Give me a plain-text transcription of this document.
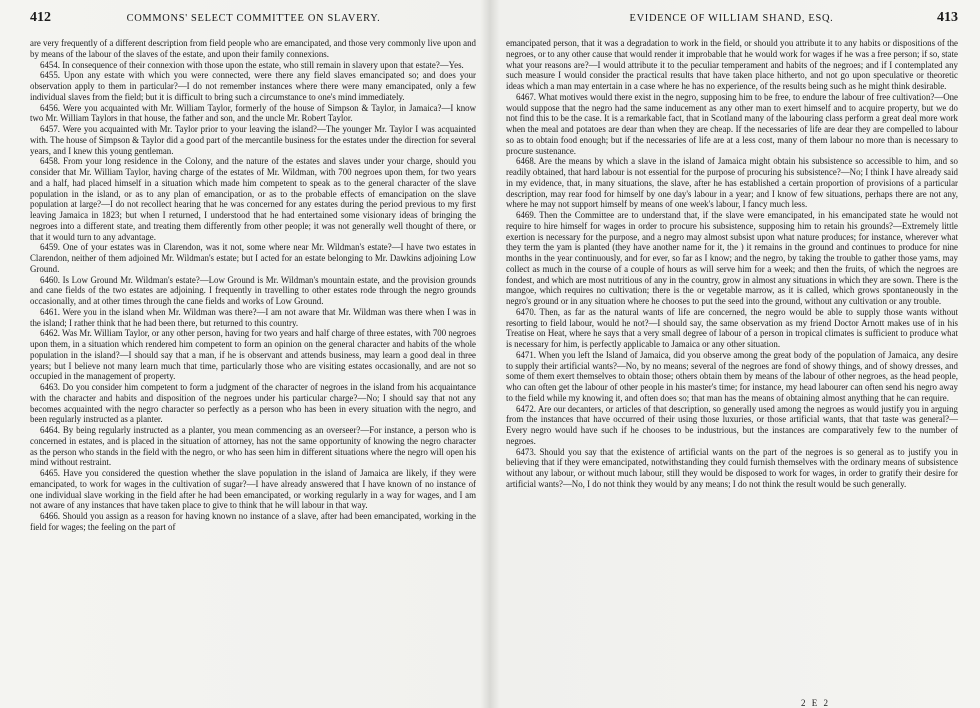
412	COMMONS' SELECT COMMITTEE ON SLAVERY.

are very frequently of a different description from field people who are emancipated, and those very commonly live upon and by means of the labour of the slaves of the estate, and upon their family connexions.

6454. In consequence of their connexion with those upon the estate, who still remain in slavery upon that estate?—Yes.

6455. Upon any estate with which you were connected, were there any field slaves emancipated so; and does your observation apply to them in particular?—I do not remember instances where there were many emancipated, only a few individual slaves from the field; but it is difficult to bring such a circumstance to one's mind immediately.

6456. Were you acquainted with Mr. William Taylor, formerly of the house of Simpson & Taylor, in Jamaica?—I know two Mr. William Taylors in that house, the father and son, and the uncle Mr. Robert Taylor.

6457. Were you acquainted with Mr. Taylor prior to your leaving the island?—The younger Mr. Taylor I was acquainted with. The house of Simpson & Taylor did a good part of the mercantile business for the estates under the direction for several years, and I knew this young gentleman.

6458. From your long residence in the Colony, and the nature of the estates and slaves under your charge, should you consider that Mr. William Taylor, having charge of the estates of Mr. Wildman, with 700 negroes upon them, for two years and a half, had placed himself in a situation which made him competent to speak as to the general character of the slave population in the island, or as to any plan of emancipation, or as to the probable effects of emancipation on the slave population at large?—I do not recollect hearing that he was concerned for any estates during the period previous to my first leaving Jamaica in 1823; but when I returned, I understood that he had entertained some visionary ideas of bringing the negroes into a different state, and treating them differently from other people; it was not generally well thought of there, or that it would turn to any advantage.

6459. One of your estates was in Clarendon, was it not, some where near Mr. Wildman's estate?—I have two estates in Clarendon, neither of them adjoined Mr. Wildman's estate; but I acted for an estate belonging to Mr. Dawkins adjoining Low Ground.

6460. Is Low Ground Mr. Wildman's estate?—Low Ground is Mr. Wildman's mountain estate, and the provision grounds and cane fields of the two estates are adjoining. I frequently in travelling to other estates rode through the negro grounds occasionally, and at other times through the cane fields and works of Low Ground.

6461. Were you in the island when Mr. Wildman was there?—I am not aware that Mr. Wildman was there when I was in the island; I rather think that he had been there, but returned to this country.

6462. Was Mr. William Taylor, or any other person, having for two years and half charge of three estates, with 700 negroes upon them, in a situation which rendered him competent to form an opinion on the general character and habits of the whole population in the island?—I should say that a man, if he is observant and attends business, may learn a good deal in three years; but I believe not many learn much that time, particularly those who are visiting estates occasionally, and are not so occupied in the management of property.

6463. Do you consider him competent to form a judgment of the character of negroes in the island from his acquaintance with the character and habits and disposition of the negroes under his particular charge?—No; I should say that not any becomes acquainted with the negro character so perfectly as a person who has been in every situation with the negro, and been regularly instructed as a planter.

6464. By being regularly instructed as a planter, you mean commencing as an overseer?—For instance, a person who is concerned in estates, and is placed in the situation of attorney, has not the same opportunity of knowing the negro character as the person who stands in the field with the negro, or who has seen him in different situations where the negro will open his mind without restraint.

6465. Have you considered the question whether the slave population in the island of Jamaica are likely, if they were emancipated, to work for wages in the cultivation of sugar?—I have already answered that I have known of no instance of one individual slave working in the field after he had been emancipated, or working regularly in a way for wages, and I am not aware of any instances that have taken place to give to think that he will labour in that way.

6466. Should you assign as a reason for having known no instance of a slave, after had been emancipated, working in the field for wages; the feeling on the part of

EVIDENCE OF WILLIAM SHAND, ESQ.	413

emancipated person, that it was a degradation to work in the field, or should you attribute it to any habits or dispositions of the negroes, or to any other cause that would render it improbable that he would work for wages if he was a free person; if so, state what your reasons are?—I would attribute it to the peculiar temperament and habits of the negroes; and if I contemplated any such measure I would consider the practical results that have taken place hitherto, and not go upon speculative or theoretic ideas which a man may entertain in a case where he has no experience, of the results being such as he might think desirable.

6467. What motives would there exist in the negro, supposing him to be free, to endure the labour of free cultivation?—One would suppose that the negro had the same inducement as any other man to exert himself and to acquire property, but we do not find this to be the case. It is a remarkable fact, that in Scotland many of the labouring class perform a great deal more work when the meal and potatoes are dear than when they are cheap. If the necessaries of life are dear they are compelled to labour so as to obtain food enough; but if the necessaries of life are at a less cost, many of them labour no more than is necessary to procure sustenance.

6468. Are the means by which a slave in the island of Jamaica might obtain his subsistence so accessible to him, and so readily obtained, that hard labour is not essential for the purpose of procuring his subsistence?—No; I think I have already said in my evidence, that, in many situations, the slave, after he has established a certain proportion of provisions of a particular description, may rear food for himself by one day's labour in a year; and I know of few situations, perhaps there are not any, where he may not support himself by means of one week's labour, I fancy much less.

6469. Then the Committee are to understand that, if the slave were emancipated, in his emancipated state he would not require to hire himself for wages in order to procure his subsistence, supposing him to retain his grounds?—Extremely little exertion is necessary for the purpose, and a negro may almost subsist upon what nature produces; for instance, wherever what they term the yam is planted (they have another name for it, the ) it remains in the ground and continues to produce for nine months in the year continuously, and for ever, so far as I know; and the negro, by taking the trouble to gather those yams, may collect as much in the course of a couple of hours as will serve him for a week; and then the fruits, of which the negroes are fondest, and which are most nutritious of any in the country, grow in almost any situations in which they are sown. There is the mangoe, which requires no cultivation; there is the or vegetable marrow, as it is called, which grows spontaneously in the negro's ground or in any situation where he chooses to put the seed into the ground, without any cultivation or any trouble.

6470. Then, as far as the natural wants of life are concerned, the negro would be able to supply those wants without resorting to field labour, would he not?—I should say, the same observation as my friend Doctor Arnott makes use of in his Treatise on Heat, where he says that a very small degree of labour of a person in tropical climates is sufficient to produce what is necessary for him, is perfectly applicable to Jamaica or any other situation.

6471. When you left the Island of Jamaica, did you observe among the great body of the population of Jamaica, any desire to supply their artificial wants?—No, by no means; several of the negroes are fond of showy things, and of showy dresses, and some of them exert themselves to obtain those; others obtain them by means of the labour of other negroes, as the head people, who can often get the labour of other people in his master's time; for instance, my head labourer can often send his negro away to the field while my knowing it, and often does so; that man has the means of obtaining almost anything that he can require.

6472. Are our decanters, or articles of that description, so generally used among the negroes as would justify you in arguing from the instances that have occurred of their using those luxuries, or those artificial wants, that that taste was general?—Every negro would have such if he chooses to be industrious, but the instances are comparatively few to the number of negroes.

6473. Should you say that the existence of artificial wants on the part of the negroes is so general as to justify you in believing that if they were emancipated, notwithstanding they could furnish themselves with the ordinary means of subsistence without any labour, or without much labour, still they would be disposed to work for wages, in order to gratify their desire for artificial wants?—No, I do not think they would by any means; I do not think the result would be such generally.

2 E 2
